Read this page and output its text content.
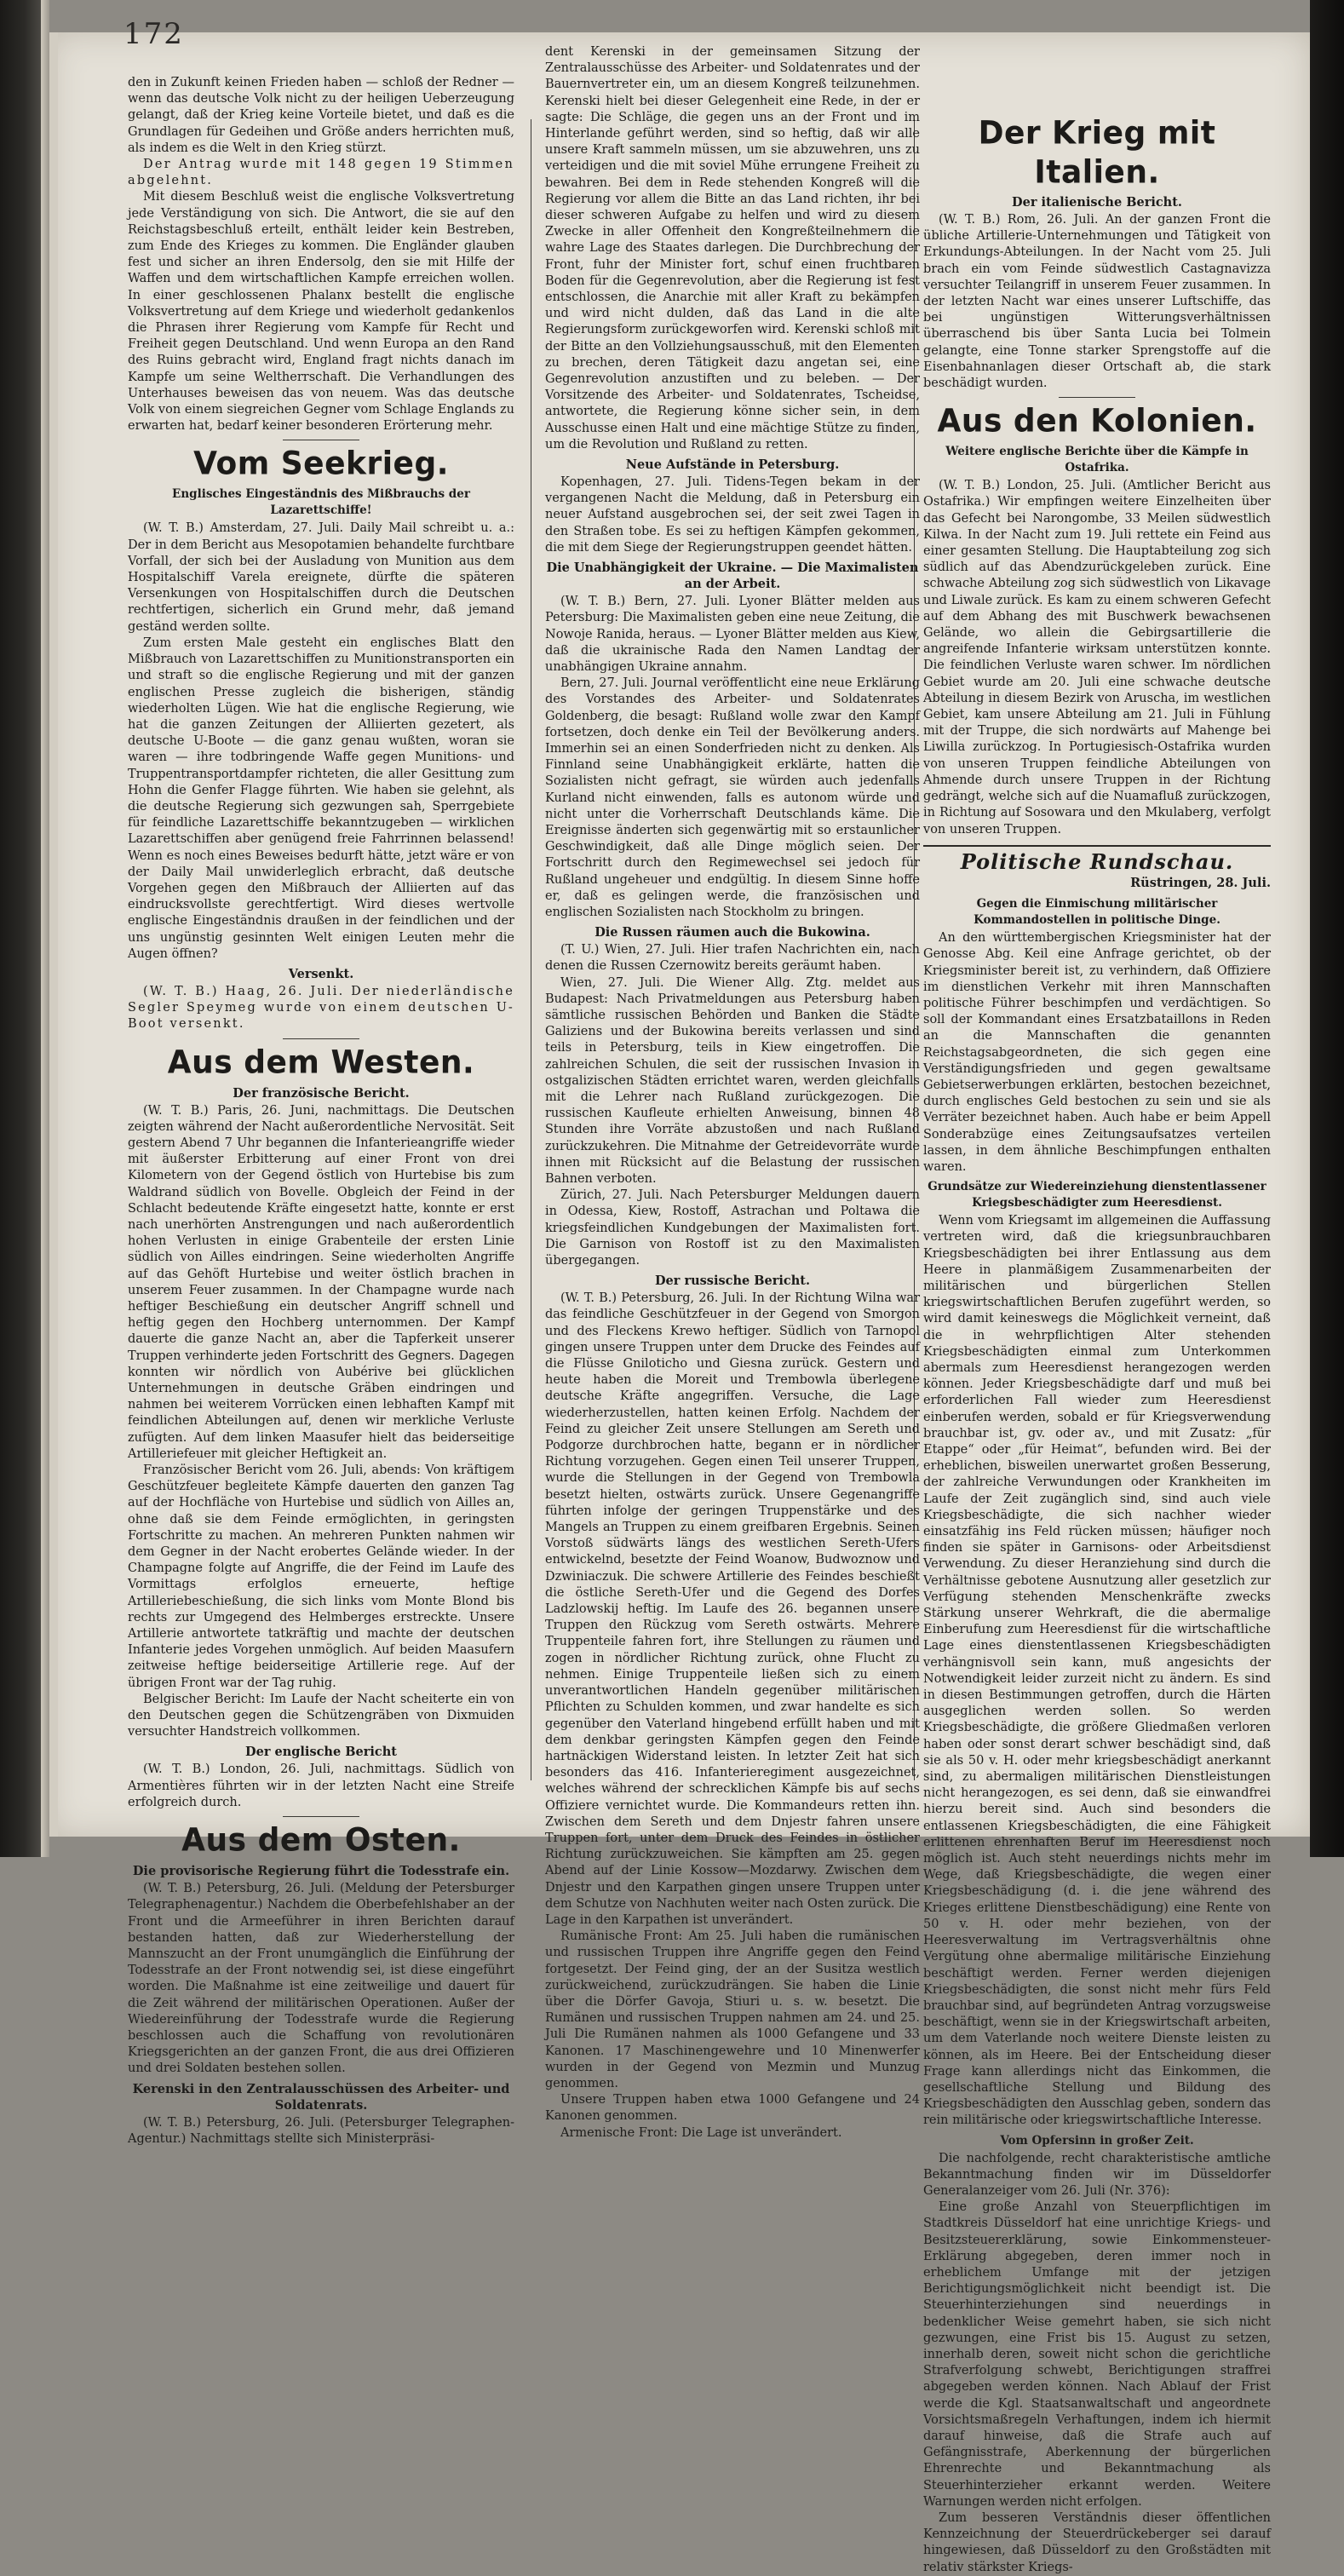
172

den in Zukunft keinen Frieden haben — schloß der Redner — wenn das deutsche Volk nicht zu der heiligen Ueberzeugung gelangt, daß der Krieg keine Vorteile bietet, und daß es die Grundlagen für Gedeihen und Größe anders herrichten muß, als indem es die Welt in den Krieg stürzt.

Der Antrag wurde mit 148 gegen 19 Stimmen abgelehnt.

Mit diesem Beschluß weist die englische Volksvertretung jede Verständigung von sich. Die Antwort, die sie auf den Reichstagsbeschluß erteilt, enthält leider kein Bestreben, zum Ende des Krieges zu kommen. Die Engländer glauben fest und sicher an ihren Endersolg, den sie mit Hilfe der Waffen und dem wirtschaftlichen Kampfe erreichen wollen. In einer geschlossenen Phalanx bestellt die englische Volksvertretung auf dem Kriege und wiederholt gedankenlos die Phrasen ihrer Regierung vom Kampfe für Recht und Freiheit gegen Deutschland. Und wenn Europa an den Rand des Ruins gebracht wird, England fragt nichts danach im Kampfe um seine Weltherrschaft. Die Verhandlungen des Unterhauses beweisen das von neuem. Was das deutsche Volk von einem siegreichen Gegner vom Schlage Englands zu erwarten hat, bedarf keiner besonderen Erörterung mehr.

Vom Seekrieg.
Englisches Eingeständnis des Mißbrauchs der Lazarettschiffe!

(W. T. B.) Amsterdam, 27. Juli. Daily Mail schreibt u. a.: Der in dem Bericht aus Mesopotamien behandelte furchtbare Vorfall, der sich bei der Ausladung von Munition aus dem Hospitalschiff Varela ereignete, dürfte die späteren Versenkungen von Hospitalschiffen durch die Deutschen rechtfertigen, sicherlich ein Grund mehr, daß jemand geständ werden sollte.

Zum ersten Male gesteht ein englisches Blatt den Mißbrauch von Lazarettschiffen zu Munitionstransporten ein und straft so die englische Regierung und mit der ganzen englischen Presse zugleich die bisherigen, ständig wiederholten Lügen. Wie hat die englische Regierung, wie hat die ganzen Zeitungen der Alliierten gezetert, als deutsche U-Boote — die ganz genau wußten, woran sie waren — ihre todbringende Waffe gegen Munitions- und Truppentransportdampfer richteten, die aller Gesittung zum Hohn die Genfer Flagge führten. Wie haben sie gelehnt, als die deutsche Regierung sich gezwungen sah, Sperrgebiete für feindliche Lazarettschiffe bekanntzugeben — wirklichen Lazarettschiffen aber genügend freie Fahrrinnen belassend! Wenn es noch eines Beweises bedurft hätte, jetzt wäre er von der Daily Mail unwiderleglich erbracht, daß deutsche Vorgehen gegen den Mißbrauch der Alliierten auf das eindrucksvollste gerechtfertigt. Wird dieses wertvolle englische Eingeständnis draußen in der feindlichen und der uns ungünstig gesinnten Welt einigen Leuten mehr die Augen öffnen?

Versenkt.

(W. T. B.) Haag, 26. Juli. Der niederländische Segler Speymeg wurde von einem deutschen U-Boot versenkt.

Aus dem Westen.
Der französische Bericht.

(W. T. B.) Paris, 26. Juni, nachmittags. Die Deutschen zeigten während der Nacht außerordentliche Nervosität. Seit gestern Abend 7 Uhr begannen die Infanterieangriffe wieder mit äußerster Erbitterung auf einer Front von drei Kilometern von der Gegend östlich von Hurtebise bis zum Waldrand südlich von Bovelle. Obgleich der Feind in der Schlacht bedeutende Kräfte eingesetzt hatte, konnte er erst nach unerhörten Anstrengungen und nach außerordentlich hohen Verlusten in einige Grabenteile der ersten Linie südlich von Ailles eindringen. Seine wiederholten Angriffe auf das Gehöft Hurtebise und weiter östlich brachen in unserem Feuer zusammen. In der Champagne wurde nach heftiger Beschießung ein deutscher Angriff schnell und heftig gegen den Hochberg unternommen. Der Kampf dauerte die ganze Nacht an, aber die Tapferkeit unserer Truppen verhinderte jeden Fortschritt des Gegners. Dagegen konnten wir nördlich von Aubérive bei glücklichen Unternehmungen in deutsche Gräben eindringen und nahmen bei weiterem Vorrücken einen lebhaften Kampf mit feindlichen Abteilungen auf, denen wir merkliche Verluste zufügten. Auf dem linken Maasufer hielt das beiderseitige Artilleriefeuer mit gleicher Heftigkeit an.

Französischer Bericht vom 26. Juli, abends: Von kräftigem Geschützfeuer begleitete Kämpfe dauerten den ganzen Tag auf der Hochfläche von Hurtebise und südlich von Ailles an, ohne daß sie dem Feinde ermöglichten, in geringsten Fortschritte zu machen. An mehreren Punkten nahmen wir dem Gegner in der Nacht erobertes Gelände wieder. In der Champagne folgte auf Angriffe, die der Feind im Laufe des Vormittags erfolglos erneuerte, heftige Artilleriebeschießung, die sich links vom Monte Blond bis rechts zur Umgegend des Helmberges erstreckte. Unsere Artillerie antwortete tatkräftig und machte der deutschen Infanterie jedes Vorgehen unmöglich. Auf beiden Maasufern zeitweise heftige beiderseitige Artillerie rege. Auf der übrigen Front war der Tag ruhig.

Belgischer Bericht: Im Laufe der Nacht scheiterte ein von den Deutschen gegen die Schützengräben von Dixmuiden versuchter Handstreich vollkommen.

Der englische Bericht

(W. T. B.) London, 26. Juli, nachmittags. Südlich von Armentières führten wir in der letzten Nacht eine Streife erfolgreich durch.

Aus dem Osten.
Die provisorische Regierung führt die Todesstrafe ein.

(W. T. B.) Petersburg, 26. Juli. (Meldung der Petersburger Telegraphenagentur.) Nachdem die Oberbefehlshaber an der Front und die Armeeführer in ihren Berichten darauf bestanden hatten, daß zur Wiederherstellung der Mannszucht an der Front unumgänglich die Einführung der Todesstrafe an der Front notwendig sei, ist diese eingeführt worden. Die Maßnahme ist eine zeitweilige und dauert für die Zeit während der militärischen Operationen. Außer der Wiedereinführung der Todesstrafe wurde die Regierung beschlossen auch die Schaffung von revolutionären Kriegsgerichten an der ganzen Front, die aus drei Offizieren und drei Soldaten bestehen sollen.

Kerenski in den Zentralausschüssen des Arbeiter- und Soldatenrats.

(W. T. B.) Petersburg, 26. Juli. (Petersburger Telegraphen-Agentur.) Nachmittags stellte sich Ministerpräsi-

dent Kerenski in der gemeinsamen Sitzung der Zentralausschüsse des Arbeiter- und Soldatenrates und der Bauernvertreter ein, um an diesem Kongreß teilzunehmen. Kerenski hielt bei dieser Gelegenheit eine Rede, in der er sagte: Die Schläge, die gegen uns an der Front und im Hinterlande geführt werden, sind so heftig, daß wir alle unsere Kraft sammeln müssen, um sie abzuwehren, uns zu verteidigen und die mit soviel Mühe errungene Freiheit zu bewahren. Bei dem in Rede stehenden Kongreß will die Regierung vor allem die Bitte an das Land richten, ihr bei dieser schweren Aufgabe zu helfen und wird zu diesem Zwecke in aller Offenheit den Kongreßteilnehmern die wahre Lage des Staates darlegen. Die Durchbrechung der Front, fuhr der Minister fort, schuf einen fruchtbaren Boden für die Gegenrevolution, aber die Regierung ist fest entschlossen, die Anarchie mit aller Kraft zu bekämpfen und wird nicht dulden, daß das Land in die alte Regierungsform zurückgeworfen wird. Kerenski schloß mit der Bitte an den Vollziehungsausschuß, mit den Elementen zu brechen, deren Tätigkeit dazu angetan sei, eine Gegenrevolution anzustiften und zu beleben. — Der Vorsitzende des Arbeiter- und Soldatenrates, Tscheidse, antwortete, die Regierung könne sicher sein, in dem Ausschusse einen Halt und eine mächtige Stütze zu finden, um die Revolution und Rußland zu retten.

Neue Aufstände in Petersburg.

Kopenhagen, 27. Juli. Tidens-Tegen bekam in der vergangenen Nacht die Meldung, daß in Petersburg ein neuer Aufstand ausgebrochen sei, der seit zwei Tagen in den Straßen tobe. Es sei zu heftigen Kämpfen gekommen, die mit dem Siege der Regierungstruppen geendet hätten.

Die Unabhängigkeit der Ukraine. — Die Maximalisten an der Arbeit.

(W. T. B.) Bern, 27. Juli. Lyoner Blätter melden aus Petersburg: Die Maximalisten geben eine neue Zeitung, die Nowoje Ranida, heraus. — Lyoner Blätter melden aus Kiew, daß die ukrainische Rada den Namen Landtag der unabhängigen Ukraine annahm.

Bern, 27. Juli. Journal veröffentlicht eine neue Erklärung des Vorstandes des Arbeiter- und Soldatenrates Goldenberg, die besagt: Rußland wolle zwar den Kampf fortsetzen, doch denke ein Teil der Bevölkerung anders. Immerhin sei an einen Sonderfrieden nicht zu denken. Als Finnland seine Unabhängigkeit erklärte, hatten die Sozialisten nicht gefragt, sie würden auch jedenfalls Kurland nicht einwenden, falls es autonom würde und nicht unter die Vorherrschaft Deutschlands käme. Die Ereignisse änderten sich gegenwärtig mit so erstaunlicher Geschwindigkeit, daß alle Dinge möglich seien. Der Fortschritt durch den Regimewechsel sei jedoch für Rußland ungeheuer und endgültig. In diesem Sinne hoffe er, daß es gelingen werde, die französischen und englischen Sozialisten nach Stockholm zu bringen.

Die Russen räumen auch die Bukowina.

(T. U.) Wien, 27. Juli. Hier trafen Nachrichten ein, nach denen die Russen Czernowitz bereits geräumt haben.

Wien, 27. Juli. Die Wiener Allg. Ztg. meldet aus Budapest: Nach Privatmeldungen aus Petersburg haben sämtliche russischen Behörden und Banken die Städte Galiziens und der Bukowina bereits verlassen und sind teils in Petersburg, teils in Kiew eingetroffen. Die zahlreichen Schulen, die seit der russischen Invasion in ostgalizischen Städten errichtet waren, werden gleichfalls mit die Lehrer nach Rußland zurückgezogen. Die russischen Kaufleute erhielten Anweisung, binnen 48 Stunden ihre Vorräte abzustoßen und nach Rußland zurückzukehren. Die Mitnahme der Getreidevorräte wurde ihnen mit Rücksicht auf die Belastung der russischen Bahnen verboten.

Zürich, 27. Juli. Nach Petersburger Meldungen dauern in Odessa, Kiew, Rostoff, Astrachan und Poltawa die kriegsfeindlichen Kundgebungen der Maximalisten fort. Die Garnison von Rostoff ist zu den Maximalisten übergegangen.

Der russische Bericht.

(W. T. B.) Petersburg, 26. Juli. In der Richtung Wilna war das feindliche Geschützfeuer in der Gegend von Smorgon und des Fleckens Krewo heftiger. Südlich von Tarnopol gingen unsere Truppen unter dem Drucke des Feindes auf die Flüsse Gniloticho und Giesna zurück. Gestern und heute haben die Moreit und Trembowla überlegene deutsche Kräfte angegriffen. Versuche, die Lage wiederherzustellen, hatten keinen Erfolg. Nachdem der Feind zu gleicher Zeit unsere Stellungen am Sereth und Podgorze durchbrochen hatte, begann er in nördlicher Richtung vorzugehen. Gegen einen Teil unserer Truppen, wurde die Stellungen in der Gegend von Trembowla besetzt hielten, ostwärts zurück. Unsere Gegenangriffe führten infolge der geringen Truppenstärke und des Mangels an Truppen zu einem greifbaren Ergebnis. Seinen Vorstoß südwärts längs des westlichen Sereth-Ufers entwickelnd, besetzte der Feind Woanow, Budwoznow und Dzwiniaczuk. Die schwere Artillerie des Feindes beschießt die östliche Sereth-Ufer und die Gegend des Dorfes Ladzlowskij heftig. Im Laufe des 26. begannen unsere Truppen den Rückzug vom Sereth ostwärts. Mehrere Truppenteile fahren fort, ihre Stellungen zu räumen und zogen in nördlicher Richtung zurück, ohne Flucht zu nehmen. Einige Truppenteile ließen sich zu einem unverantwortlichen Handeln gegenüber militärischen Pflichten zu Schulden kommen, und zwar handelte es sich gegenüber den Vaterland hingebend erfüllt haben und mit dem denkbar geringsten Kämpfen gegen den Feinde hartnäckigen Widerstand leisten. In letzter Zeit hat sich besonders das 416. Infanterieregiment ausgezeichnet, welches während der schrecklichen Kämpfe bis auf sechs Offiziere vernichtet wurde. Die Kommandeurs retten ihn. Zwischen dem Sereth und dem Dnjestr fahren unsere Truppen fort, unter dem Druck des Feindes in östlicher Richtung zurückzuweichen. Sie kämpften am 25. gegen Abend auf der Linie Kossow—Mozdarwy. Zwischen dem Dnjestr und den Karpathen gingen unsere Truppen unter dem Schutze von Nachhuten weiter nach Osten zurück. Die Lage in den Karpathen ist unverändert.

Rumänische Front: Am 25. Juli haben die rumänischen und russischen Truppen ihre Angriffe gegen den Feind fortgesetzt. Der Feind ging, der an der Susitza westlich zurückweichend, zurückzudrängen. Sie haben die Linie über die Dörfer Gavoja, Stiuri u. s. w. besetzt. Die Rumänen und russischen Truppen nahmen am 24. und 25. Juli Die Rumänen nahmen als 1000 Gefangene und 33 Kanonen. 17 Maschinengewehre und 10 Minenwerfer wurden in der Gegend von Mezmin und Munzug genommen.

Unsere Truppen haben etwa 1000 Gefangene und 24 Kanonen genommen.

Armenische Front: Die Lage ist unverändert.

Der Krieg mit Italien.
Der italienische Bericht.

(W. T. B.) Rom, 26. Juli. An der ganzen Front die übliche Artillerie-Unternehmungen und Tätigkeit von Erkundungs-Abteilungen. In der Nacht vom 25. Juli brach ein vom Feinde südwestlich Castagnavizza versuchter Teilangriff in unserem Feuer zusammen. In der letzten Nacht war eines unserer Luftschiffe, das bei ungünstigen Witterungsverhältnissen überraschend bis über Santa Lucia bei Tolmein gelangte, eine Tonne starker Sprengstoffe auf die Eisenbahnanlagen dieser Ortschaft ab, die stark beschädigt wurden.

Aus den Kolonien.
Weitere englische Berichte über die Kämpfe in Ostafrika.

(W. T. B.) London, 25. Juli. (Amtlicher Bericht aus Ostafrika.) Wir empfingen weitere Einzelheiten über das Gefecht bei Narongombe, 33 Meilen südwestlich Kilwa. In der Nacht zum 19. Juli rettete ein Feind aus einer gesamten Stellung. Die Hauptabteilung zog sich südlich auf das Abendzurückgeleben zurück. Eine schwache Abteilung zog sich südwestlich von Likavage und Liwale zurück. Es kam zu einem schweren Gefecht auf dem Abhang des mit Buschwerk bewachsenen Gelände, wo allein die Gebirgsartillerie die angreifende Infanterie wirksam unterstützen konnte. Die feindlichen Verluste waren schwer. Im nördlichen Gebiet wurde am 20. Juli eine schwache deutsche Abteilung in diesem Bezirk von Aruscha, im westlichen Gebiet, kam unsere Abteilung am 21. Juli in Fühlung mit der Truppe, die sich nordwärts auf Mahenge bei Liwilla zurückzog. In Portugiesisch-Ostafrika wurden von unseren Truppen feindliche Abteilungen von Ahmende durch unsere Truppen in der Richtung gedrängt, welche sich auf die Nuamafluß zurückzogen, in Richtung auf Sosowara und den Mkulaberg, verfolgt von unseren Truppen.

Politische Rundschau.
Rüstringen, 28. Juli.
Gegen die Einmischung militärischer Kommandostellen in politische Dinge.

An den württembergischen Kriegsminister hat der Genosse Abg. Keil eine Anfrage gerichtet, ob der Kriegsminister bereit ist, zu verhindern, daß Offiziere im dienstlichen Verkehr mit ihren Mannschaften politische Führer beschimpfen und verdächtigen. So soll der Kommandant eines Ersatzbataillons in Reden an die Mannschaften die genannten Reichstagsabgeordneten, die sich gegen eine Verständigungsfrieden und gegen gewaltsame Gebietserwerbungen erklärten, bestochen bezeichnet, durch englisches Geld bestochen zu sein und sie als Verräter bezeichnet haben. Auch habe er beim Appell Sonderabzüge eines Zeitungsaufsatzes verteilen lassen, in dem ähnliche Beschimpfungen enthalten waren.

Grundsätze zur Wiedereinziehung dienstentlassener Kriegsbeschädigter zum Heeresdienst.

Wenn vom Kriegsamt im allgemeinen die Auffassung vertreten wird, daß die kriegsunbrauchbaren Kriegsbeschädigten bei ihrer Entlassung aus dem Heere in planmäßigem Zusammenarbeiten der militärischen und bürgerlichen Stellen kriegswirtschaftlichen Berufen zugeführt werden, so wird damit keineswegs die Möglichkeit verneint, daß die in wehrpflichtigen Alter stehenden Kriegsbeschädigten einmal zum Unterkommen abermals zum Heeresdienst herangezogen werden können. Jeder Kriegsbeschädigte darf und muß bei erforderlichen Fall wieder zum Heeresdienst einberufen werden, sobald er für Kriegsverwendung brauchbar ist, gv. oder av., und mit Zusatz: „für Etappe“ oder „für Heimat“, befunden wird. Bei der erheblichen, bisweilen unerwartet großen Besserung, der zahlreiche Verwundungen oder Krankheiten im Laufe der Zeit zugänglich sind, sind auch viele Kriegsbeschädigte, die sich nachher wieder einsatzfähig ins Feld rücken müssen; häufiger noch finden sie später in Garnisons- oder Arbeitsdienst Verwendung. Zu dieser Heranziehung sind durch die Verhältnisse gebotene Ausnutzung aller gesetzlich zur Verfügung stehenden Menschenkräfte zwecks Stärkung unserer Wehrkraft, die die abermalige Einberufung zum Heeresdienst für die wirtschaftliche Lage eines dienstentlassenen Kriegsbeschädigten verhängnisvoll sein kann, muß angesichts der Notwendigkeit leider zurzeit nicht zu ändern. Es sind in diesen Bestimmungen getroffen, durch die Härten ausgeglichen werden sollen. So werden Kriegsbeschädigte, die größere Gliedmaßen verloren haben oder sonst derart schwer beschädigt sind, daß sie als 50 v. H. oder mehr kriegsbeschädigt anerkannt sind, zu abermaligen militärischen Dienstleistungen nicht herangezogen, es sei denn, daß sie einwandfrei hierzu bereit sind. Auch sind besonders die entlassenen Kriegsbeschädigten, die eine Fähigkeit erlittenen ehrenhaften Beruf im Heeresdienst noch möglich ist. Auch steht neuerdings nichts mehr im Wege, daß Kriegsbeschädigte, die wegen einer Kriegsbeschädigung (d. i. die jene während des Krieges erlittene Dienstbeschädigung) eine Rente von 50 v. H. oder mehr beziehen, von der Heeresverwaltung im Vertragsverhältnis ohne Vergütung ohne abermalige militärische Einziehung beschäftigt werden. Ferner werden diejenigen Kriegsbeschädigten, die sonst nicht mehr fürs Feld brauchbar sind, auf begründeten Antrag vorzugsweise beschäftigt, wenn sie in der Kriegswirtschaft arbeiten, um dem Vaterlande noch weitere Dienste leisten zu können, als im Heere. Bei der Entscheidung dieser Frage kann allerdings nicht das Einkommen, die gesellschaftliche Stellung und Bildung des Kriegsbeschädigten den Ausschlag geben, sondern das rein militärische oder kriegswirtschaftliche Interesse.

Vom Opfersinn in großer Zeit.

Die nachfolgende, recht charakteristische amtliche Bekanntmachung finden wir im Düsseldorfer Generalanzeiger vom 26. Juli (Nr. 376):

Eine große Anzahl von Steuerpflichtigen im Stadtkreis Düsseldorf hat eine unrichtige Kriegs- und Besitzsteuererklärung, sowie Einkommensteuer-Erklärung abgegeben, deren immer noch in erheblichem Umfange mit der jetzigen Berichtigungsmöglichkeit nicht beendigt ist. Die Steuerhinterziehungen sind neuerdings in bedenklicher Weise gemehrt haben, sie sich nicht gezwungen, eine Frist bis 15. August zu setzen, innerhalb deren, soweit nicht schon die gerichtliche Strafverfolgung schwebt, Berichtigungen straffrei abgegeben werden können. Nach Ablauf der Frist werde die Kgl. Staatsanwaltschaft und angeordnete Vorsichtsmaßregeln Verhaftungen, indem ich hiermit darauf hinweise, daß die Strafe auch auf Gefängnisstrafe, Aberkennung der bürgerlichen Ehrenrechte und Bekanntmachung als Steuerhinterzieher erkannt werden. Weitere Warnungen werden nicht erfolgen.

Zum besseren Verständnis dieser öffentlichen Kennzeichnung der Steuerdrückeberger sei darauf hingewiesen, daß Düsseldorf zu den Großstädten mit relativ stärkster Kriegs-
